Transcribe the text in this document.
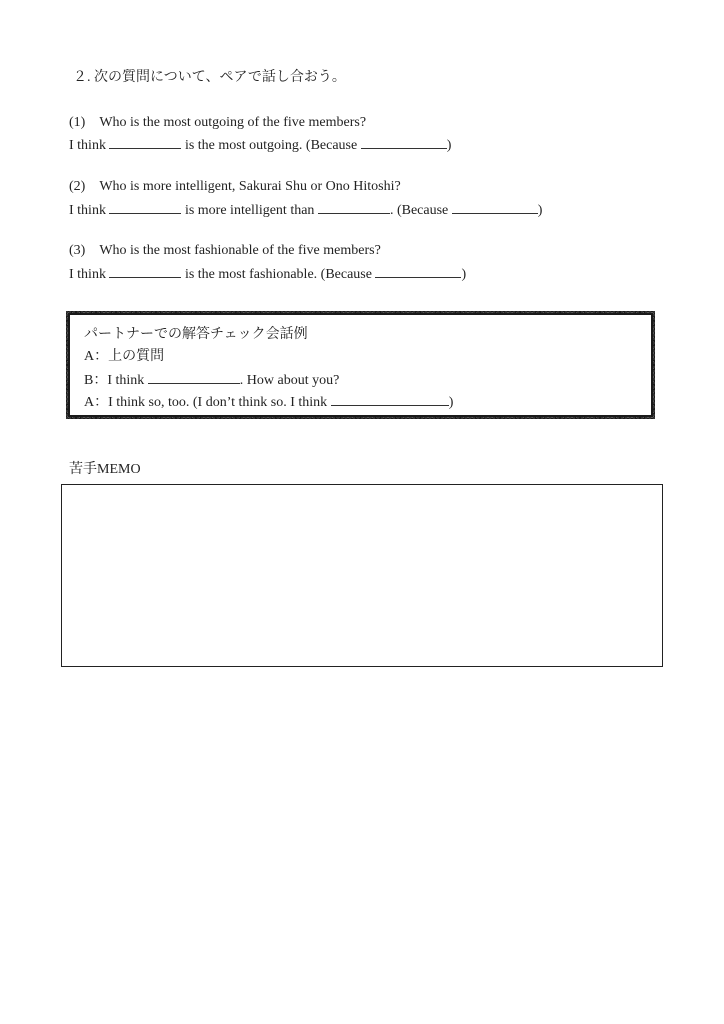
２. 次の質問について、ペアで話し合おう。
(1) Who is the most outgoing of the five members?
I think	is the most outgoing. (Because	)
(2) Who is more intelligent, Sakurai Shu or Ono Hitoshi?
I think	is more intelligent than	. (Because	)
(3) Who is the most fashionable of the five members?
I think	is the most fashionable. (Because	)
パートナーでの解答チェック会話例
A：上の質問
B：I think	. How about you?
A：I think so, too. (I don’t think so. I think	)
苦手MEMO
